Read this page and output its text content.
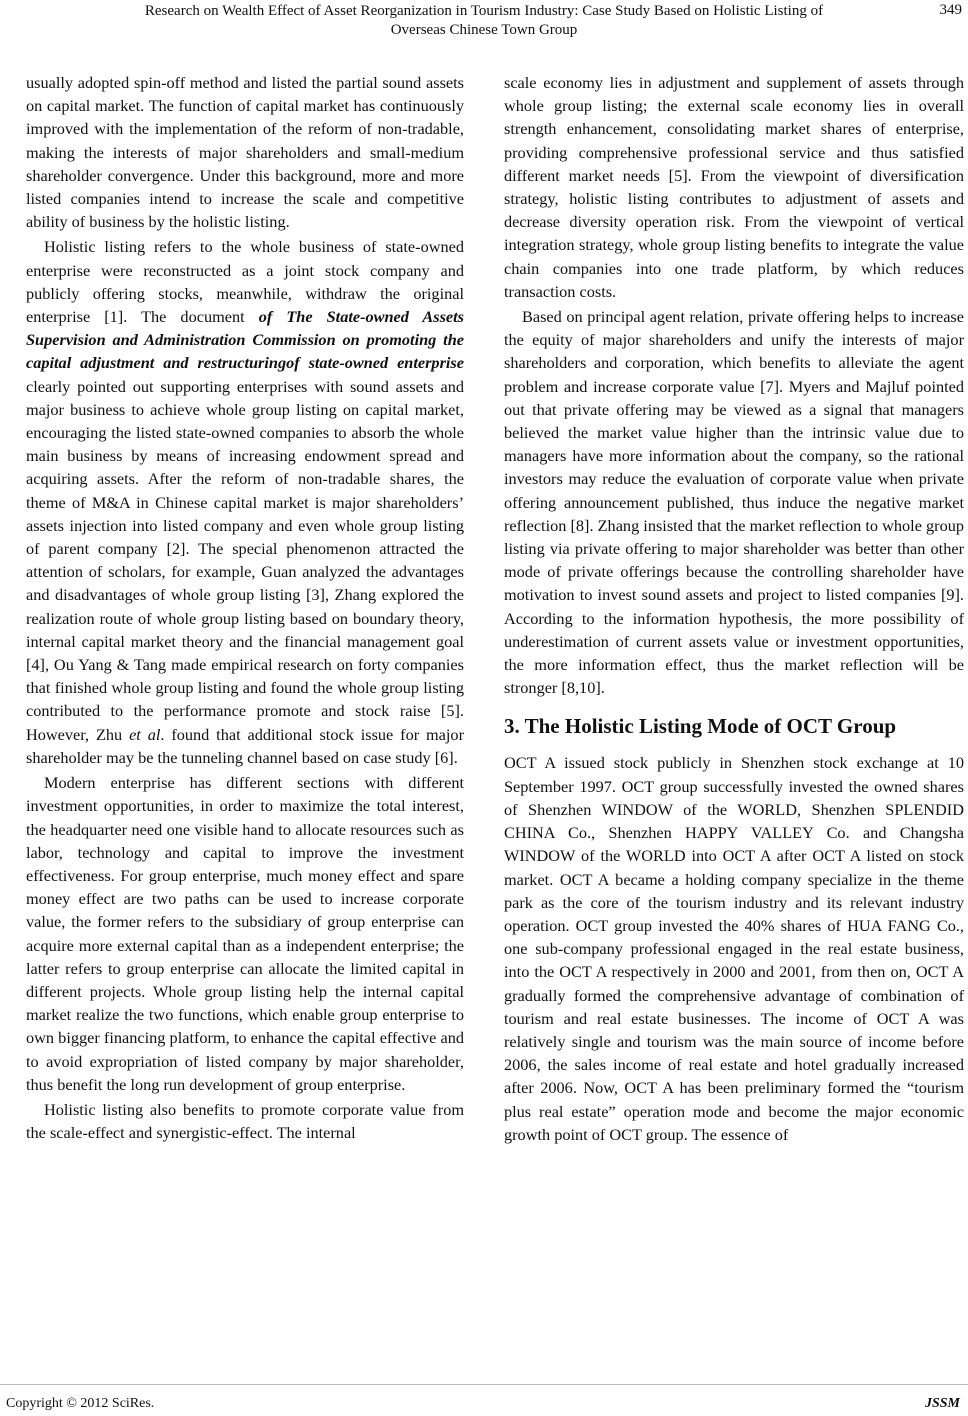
Research on Wealth Effect of Asset Reorganization in Tourism Industry: Case Study Based on Holistic Listing of
Overseas Chinese Town Group
349

usually adopted spin-off method and listed the partial sound assets on capital market. The function of capital market has continuously improved with the implementation of the reform of non-tradable, making the interests of major shareholders and small-medium shareholder convergence. Under this background, more and more listed companies intend to increase the scale and competitive ability of business by the holistic listing.

Holistic listing refers to the whole business of state-owned enterprise were reconstructed as a joint stock company and publicly offering stocks, meanwhile, withdraw the original enterprise [1]. The document of The State-owned Assets Supervision and Administration Commission on promoting the capital adjustment and restructuringof state-owned enterprise clearly pointed out supporting enterprises with sound assets and major business to achieve whole group listing on capital market, encouraging the listed state-owned companies to absorb the whole main business by means of increasing endowment spread and acquiring assets. After the reform of non-tradable shares, the theme of M&A in Chinese capital market is major shareholders’ assets injection into listed company and even whole group listing of parent company [2]. The special phenomenon attracted the attention of scholars, for example, Guan analyzed the advantages and disadvantages of whole group listing [3], Zhang explored the realization route of whole group listing based on boundary theory, internal capital market theory and the financial management goal [4], Ou Yang & Tang made empirical research on forty companies that finished whole group listing and found the whole group listing contributed to the performance promote and stock raise [5]. However, Zhu et al. found that additional stock issue for major shareholder may be the tunneling channel based on case study [6].

Modern enterprise has different sections with different investment opportunities, in order to maximize the total interest, the headquarter need one visible hand to allocate resources such as labor, technology and capital to improve the investment effectiveness. For group enterprise, much money effect and spare money effect are two paths can be used to increase corporate value, the former refers to the subsidiary of group enterprise can acquire more external capital than as a independent enterprise; the latter refers to group enterprise can allocate the limited capital in different projects. Whole group listing help the internal capital market realize the two functions, which enable group enterprise to own bigger financing platform, to enhance the capital effective and to avoid expropriation of listed company by major shareholder, thus benefit the long run development of group enterprise.

Holistic listing also benefits to promote corporate value from the scale-effect and synergistic-effect. The internal

scale economy lies in adjustment and supplement of assets through whole group listing; the external scale economy lies in overall strength enhancement, consolidating market shares of enterprise, providing comprehensive professional service and thus satisfied different market needs [5]. From the viewpoint of diversification strategy, holistic listing contributes to adjustment of assets and decrease diversity operation risk. From the viewpoint of vertical integration strategy, whole group listing benefits to integrate the value chain companies into one trade platform, by which reduces transaction costs.

Based on principal agent relation, private offering helps to increase the equity of major shareholders and unify the interests of major shareholders and corporation, which benefits to alleviate the agent problem and increase corporate value [7]. Myers and Majluf pointed out that private offering may be viewed as a signal that managers believed the market value higher than the intrinsic value due to managers have more information about the company, so the rational investors may reduce the evaluation of corporate value when private offering announcement published, thus induce the negative market reflection [8]. Zhang insisted that the market reflection to whole group listing via private offering to major shareholder was better than other mode of private offerings because the controlling shareholder have motivation to invest sound assets and project to listed companies [9]. According to the information hypothesis, the more possibility of underestimation of current assets value or investment opportunities, the more information effect, thus the market reflection will be stronger [8,10].

3. The Holistic Listing Mode of OCT Group

OCT A issued stock publicly in Shenzhen stock exchange at 10 September 1997. OCT group successfully invested the owned shares of Shenzhen WINDOW of the WORLD, Shenzhen SPLENDID CHINA Co., Shenzhen HAPPY VALLEY Co. and Changsha WINDOW of the WORLD into OCT A after OCT A listed on stock market. OCT A became a holding company specialize in the theme park as the core of the tourism industry and its relevant industry operation. OCT group invested the 40% shares of HUA FANG Co., one sub-company professional engaged in the real estate business, into the OCT A respectively in 2000 and 2001, from then on, OCT A gradually formed the comprehensive advantage of combination of tourism and real estate businesses. The income of OCT A was relatively single and tourism was the main source of income before 2006, the sales income of real estate and hotel gradually increased after 2006. Now, OCT A has been preliminary formed the “tourism plus real estate” operation mode and become the major economic growth point of OCT group. The essence of

Copyright © 2012 SciRes.	JSSM
